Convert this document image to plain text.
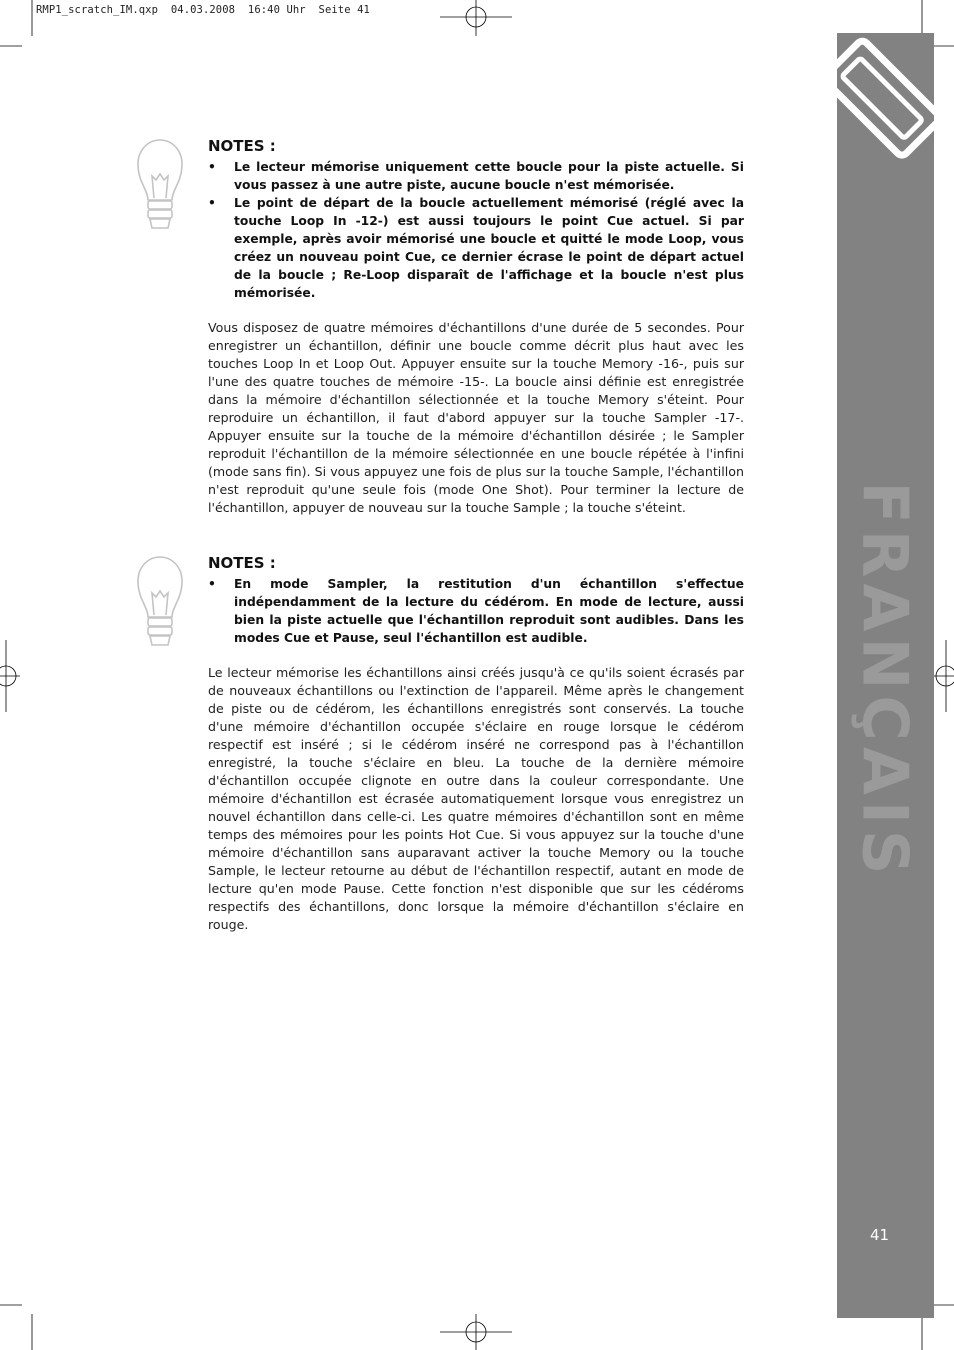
RMP1_scratch_IM.qxp  04.03.2008  16:40 Uhr  Seite 41
FRANÇAIS
41
NOTES :
• Le lecteur mémorise uniquement cette boucle pour la piste actuelle. Si vous passez à une autre piste, aucune boucle n'est mémorisée.
• Le point de départ de la boucle actuellement mémorisé (réglé avec la touche Loop In -12-) est aussi toujours le point Cue actuel. Si par exemple, après avoir mémorisé une boucle et quitté le mode Loop, vous créez un nouveau point Cue, ce dernier écrase le point de départ actuel de la boucle ; Re-Loop disparaît de l'affichage et la boucle n'est plus mémorisée.

Vous disposez de quatre mémoires d'échantillons d'une durée de 5 secondes. Pour enregistrer un échantillon, définir une boucle comme décrit plus haut avec les touches Loop In et Loop Out. Appuyer ensuite sur la touche Memory -16-, puis sur l'une des quatre touches de mémoire -15-. La boucle ainsi définie est enregistrée dans la mémoire d'échantillon sélectionnée et la touche Memory s'éteint. Pour reproduire un échantillon, il faut d'abord appuyer sur la touche Sampler -17-. Appuyer ensuite sur la touche de la mémoire d'échantillon désirée ; le Sampler reproduit l'échantillon de la mémoire sélectionnée en une boucle répétée à l'infini (mode sans fin). Si vous appuyez une fois de plus sur la touche Sample, l'échantillon n'est reproduit qu'une seule fois (mode One Shot). Pour terminer la lecture de l'échantillon, appuyer de nouveau sur la touche Sample ; la touche s'éteint.

NOTES :
• En mode Sampler, la restitution d'un échantillon s'effectue indépendamment de la lecture du cédérom. En mode de lecture, aussi bien la piste actuelle que l'échantillon reproduit sont audibles. Dans les modes Cue et Pause, seul l'échantillon est audible.

Le lecteur mémorise les échantillons ainsi créés jusqu'à ce qu'ils soient écrasés par de nouveaux échantillons ou l'extinction de l'appareil. Même après le changement de piste ou de cédérom, les échantillons enregistrés sont conservés. La touche d'une mémoire d'échantillon occupée s'éclaire en rouge lorsque le cédérom respectif est inséré ; si le cédérom inséré ne correspond pas à l'échantillon enregistré, la touche s'éclaire en bleu. La touche de la dernière mémoire d'échantillon occupée clignote en outre dans la couleur correspondante. Une mémoire d'échantillon est écrasée automatiquement lorsque vous enregistrez un nouvel échantillon dans celle-ci. Les quatre mémoires d'échantillon sont en même temps des mémoires pour les points Hot Cue. Si vous appuyez sur la touche d'une mémoire d'échantillon sans auparavant activer la touche Memory ou la touche Sample, le lecteur retourne au début de l'échantillon respectif, autant en mode de lecture qu'en mode Pause. Cette fonction n'est disponible que sur les cédéroms respectifs des échantillons, donc lorsque la mémoire d'échantillon s'éclaire en rouge.
